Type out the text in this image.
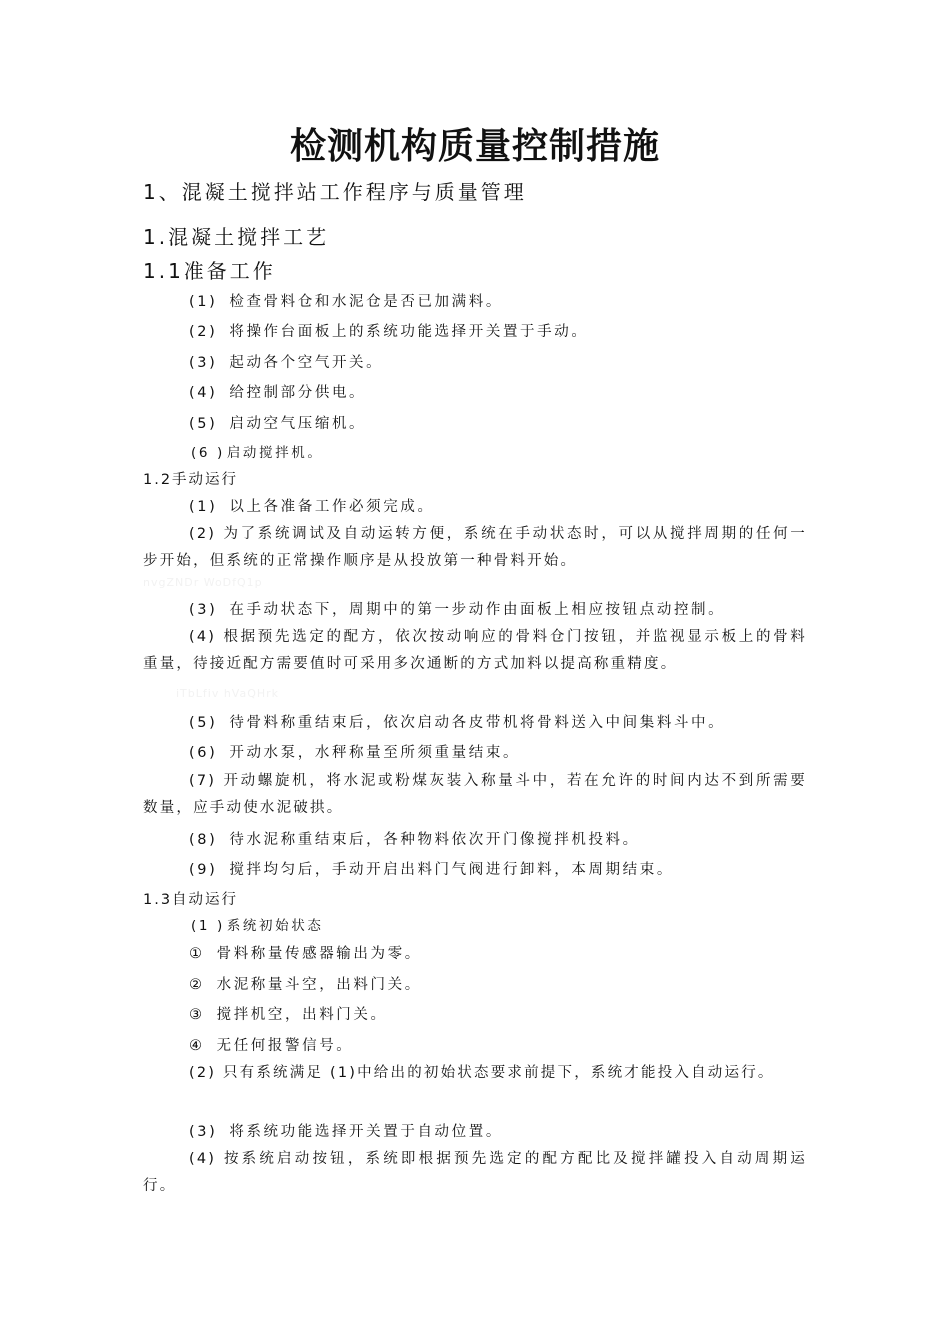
检测机构质量控制措施
1、混凝土搅拌站工作程序与质量管理
1.混凝土搅拌工艺
1.1准备工作
(1) 检查骨料仓和水泥仓是否已加满料。
(2) 将操作台面板上的系统功能选择开关置于手动。
(3) 起动各个空气开关。
(4) 给控制部分供电。
(5) 启动空气压缩机。
(6 ) 启动搅拌机。
1.2手动运行
(1) 以上各准备工作必须完成。
(2) 为了系统调试及自动运转方便，系统在手动状态时，可以从搅拌周期的任何一步开始，但系统的正常操作顺序是从投放第一种骨料开始。
nvgZNDr WoDfQ1p
(3) 在手动状态下，周期中的第一步动作由面板上相应按钮点动控制。
(4) 根据预先选定的配方，依次按动响应的骨料仓门按钮，并监视显示板上的骨料重量，待接近配方需要值时可采用多次通断的方式加料以提高称重精度。
iTbLfiv hVaQHrk
(5) 待骨料称重结束后，依次启动各皮带机将骨料送入中间集料斗中。
(6) 开动水泵，水秤称量至所须重量结束。
(7) 开动螺旋机，将水泥或粉煤灰装入称量斗中，若在允许的时间内达不到所需要数量，应手动使水泥破拱。
(8) 待水泥称重结束后，各种物料依次开门像搅拌机投料。
(9) 搅拌均匀后，手动开启出料门气阀进行卸料，本周期结束。
1.3自动运行
(1 ) 系统初始状态
① 骨料称量传感器输出为零。
② 水泥称量斗空，出料门关。
③ 搅拌机空，出料门关。
④ 无任何报警信号。
(2) 只有系统满足 (1)中给出的初始状态要求前提下，系统才能投入自动运行。
(3) 将系统功能选择开关置于自动位置。
(4) 按系统启动按钮，系统即根据预先选定的配方配比及搅拌罐投入自动周期运行。
